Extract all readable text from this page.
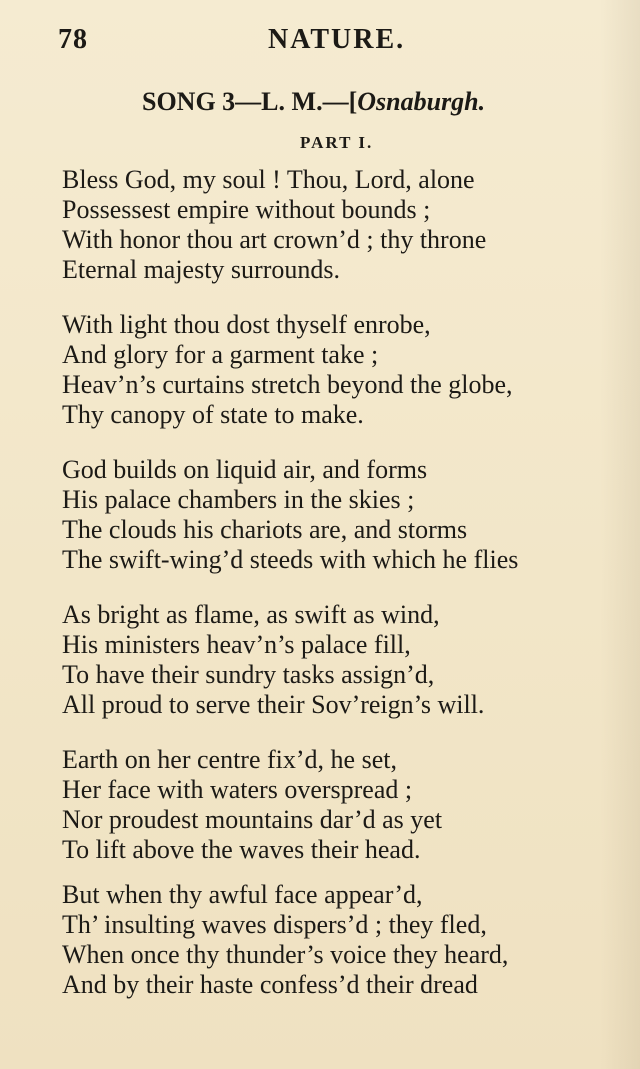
78	NATURE.
SONG 3—L. M.—[Osnaburgh.
PART I.
Bless God, my soul ! Thou, Lord, alone
Possessest empire without bounds ;
With honor thou art crown’d ; thy throne
Eternal majesty surrounds.
With light thou dost thyself enrobe,
And glory for a garment take ;
Heav’n’s curtains stretch beyond the globe,
Thy canopy of state to make.
God builds on liquid air, and forms
His palace chambers in the skies ;
The clouds his chariots are, and storms
The swift-wing’d steeds with which he flies
As bright as flame, as swift as wind,
His ministers heav’n’s palace fill,
To have their sundry tasks assign’d,
All proud to serve their Sov’reign’s will.
Earth on her centre fix’d, he set,
Her face with waters overspread ;
Nor proudest mountains dar’d as yet
To lift above the waves their head.
But when thy awful face appear’d,
Th’ insulting waves dispers’d ; they fled,
When once thy thunder’s voice they heard,
And by their haste confess’d their dread
